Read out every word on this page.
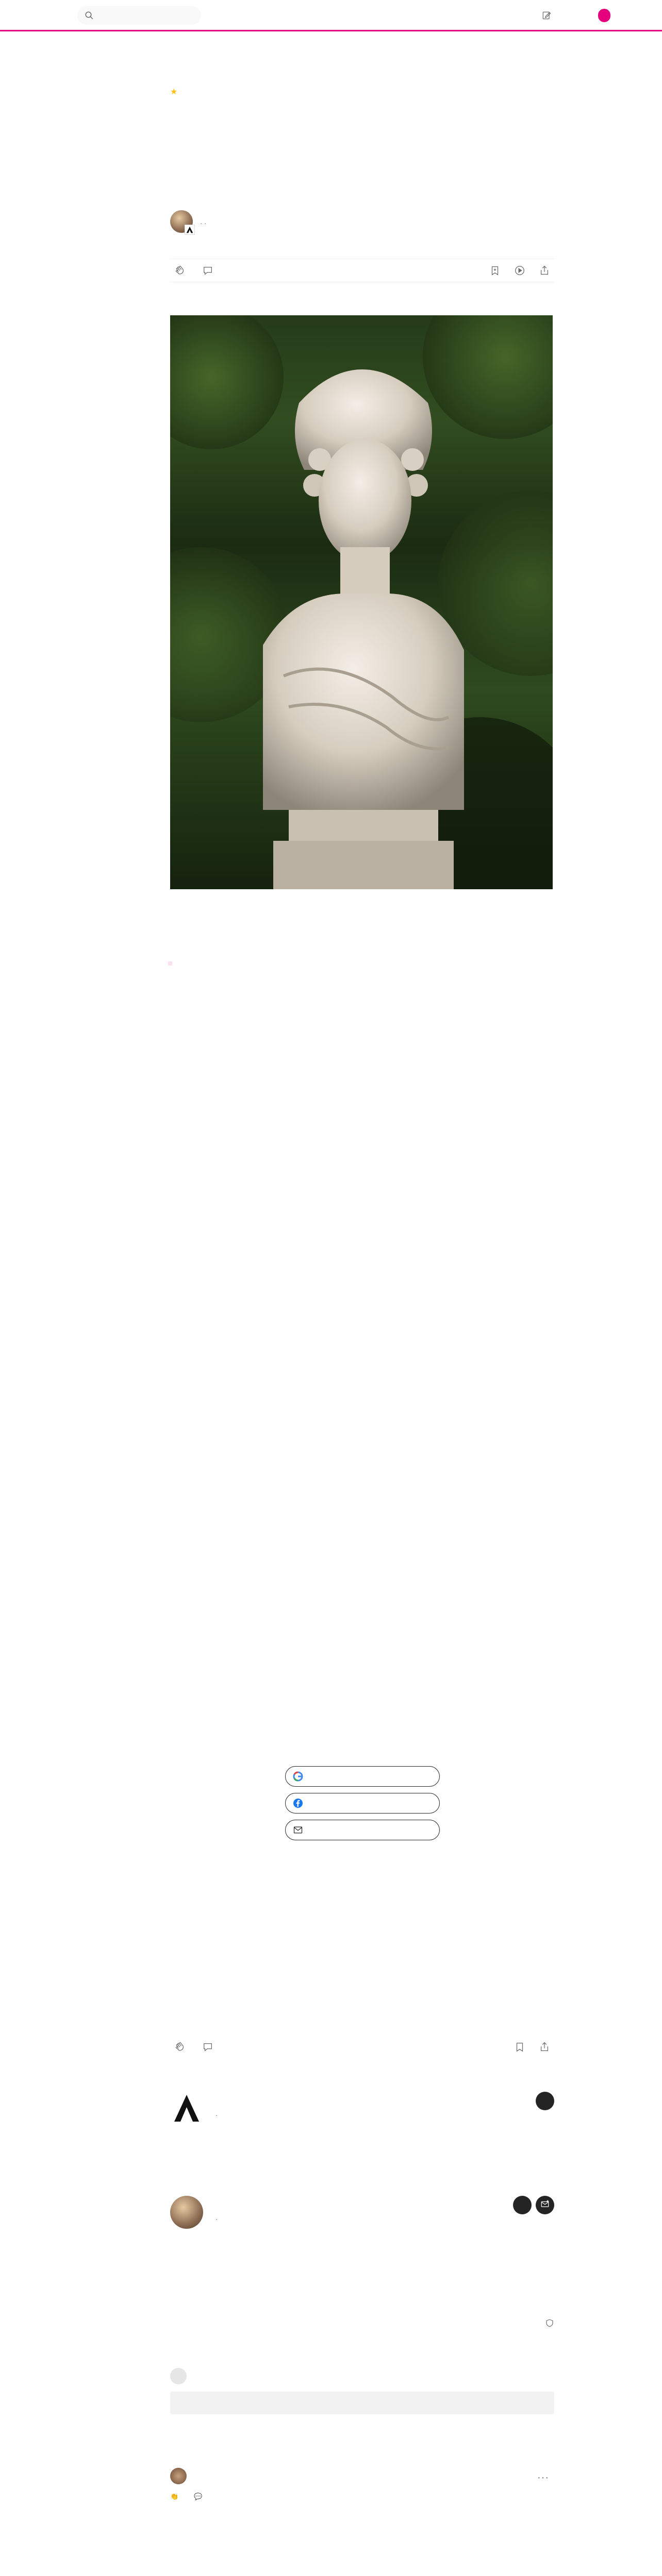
★
· ·

·
·
···
👏 💬
